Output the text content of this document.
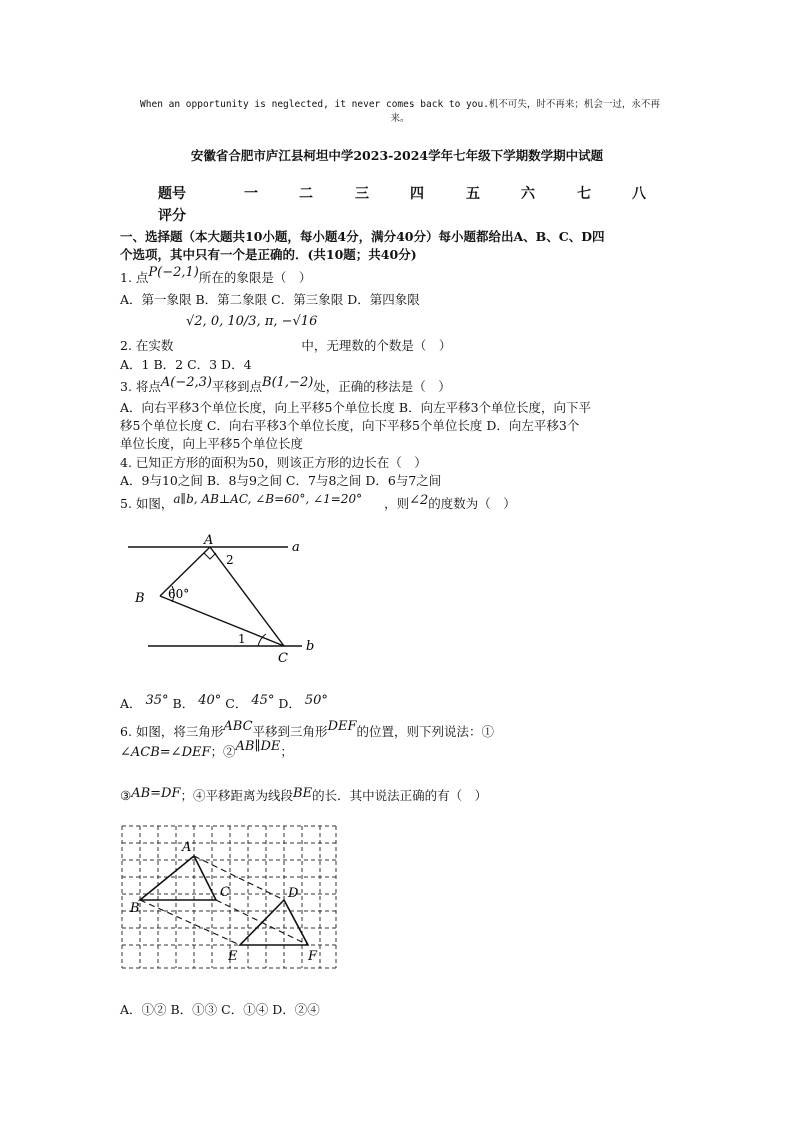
When an opportunity is neglected, it never comes back to you.机不可失，时不再来；机会一过，永不再
来。
安徽省合肥市庐江县柯坦中学2023-2024学年七年级下学期数学期中试题
题号	一	二	三	四	五	六	七	八
评分
一、选择题（本大题共10小题，每小题4分，满分40分）每小题都给出A、B、C、D四
个选项，其中只有一个是正确的．(共10题；共40分)
1. 点P(−2,1)所在的象限是（　）
A．第一象限 B．第二象限 C．第三象限 D．第四象限
√2, 0, 10/3, π, −√16
2. 在实数	中，无理数的个数是（　）
A．1 B．2 C．3 D．4
3. 将点A(−2,3)平移到点B(1,−2)处，正确的移法是（　）
A．向右平移3个单位长度，向上平移5个单位长度 B．向左平移3个单位长度，向下平
移5个单位长度 C．向右平移3个单位长度，向下平移5个单位长度 D．向左平移3个
单位长度，向上平移5个单位长度
4. 已知正方形的面积为50，则该正方形的边长在（　）
A．9与10之间 B．8与9之间 C．7与8之间 D．6与7之间
5. 如图，a∥b, AB⊥AC, ∠B=60°, ∠1=20° ，则∠2的度数为（　）
A
2
a
B 60°
1
C
b
A． 35° B． 40° C． 45° D． 50°
6. 如图，将三角形ABC平移到三角形DEF的位置，则下列说法：①
∠ACB=∠DEF；②AB∥DE；
③AB=DF；④平移距离为线段BE的长．其中说法正确的有（　）
A
B
C	D
E	F
A．①② B．①③ C．①④ D．②④
